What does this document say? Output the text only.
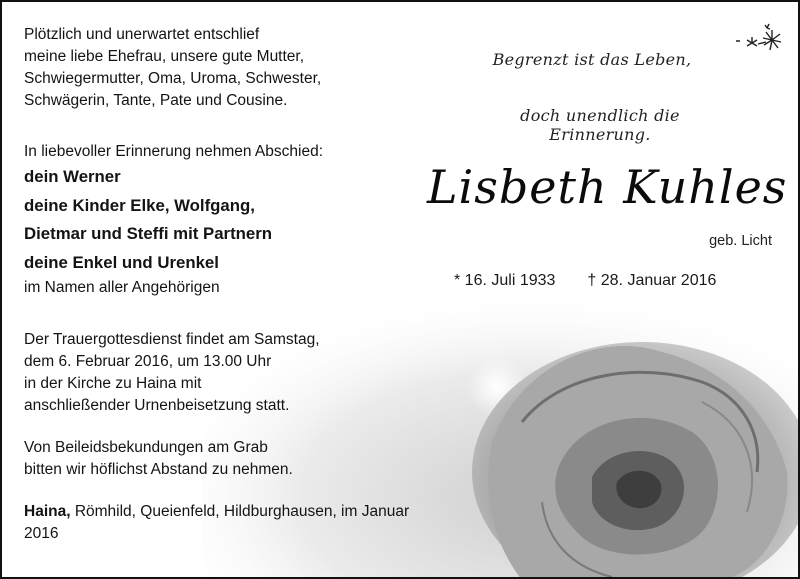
Plötzlich und unerwartet entschlief
meine liebe Ehefrau, unsere gute Mutter,
Schwiegermutter, Oma, Uroma, Schwester,
Schwägerin, Tante, Pate und Cousine.

In liebevoller Erinnerung nehmen Abschied:

dein Werner
deine Kinder Elke, Wolfgang,
Dietmar und Steffi mit Partnern
deine Enkel und Urenkel

im Namen aller Angehörigen

Der Trauergottesdienst findet am Samstag,
dem 6. Februar 2016, um 13.00 Uhr
in der Kirche zu Haina mit
anschließender Urnenbeisetzung statt.

Von Beileidsbekundungen am Grab
bitten wir höflichst Abstand zu nehmen.

Haina, Römhild, Queienfeld, Hildburghausen, im Januar 2016

Begrenzt ist das Leben,
doch unendlich die Erinnerung.
Lisbeth Kuhles
geb. Licht
* 16. Juli 1933 † 28. Januar 2016
